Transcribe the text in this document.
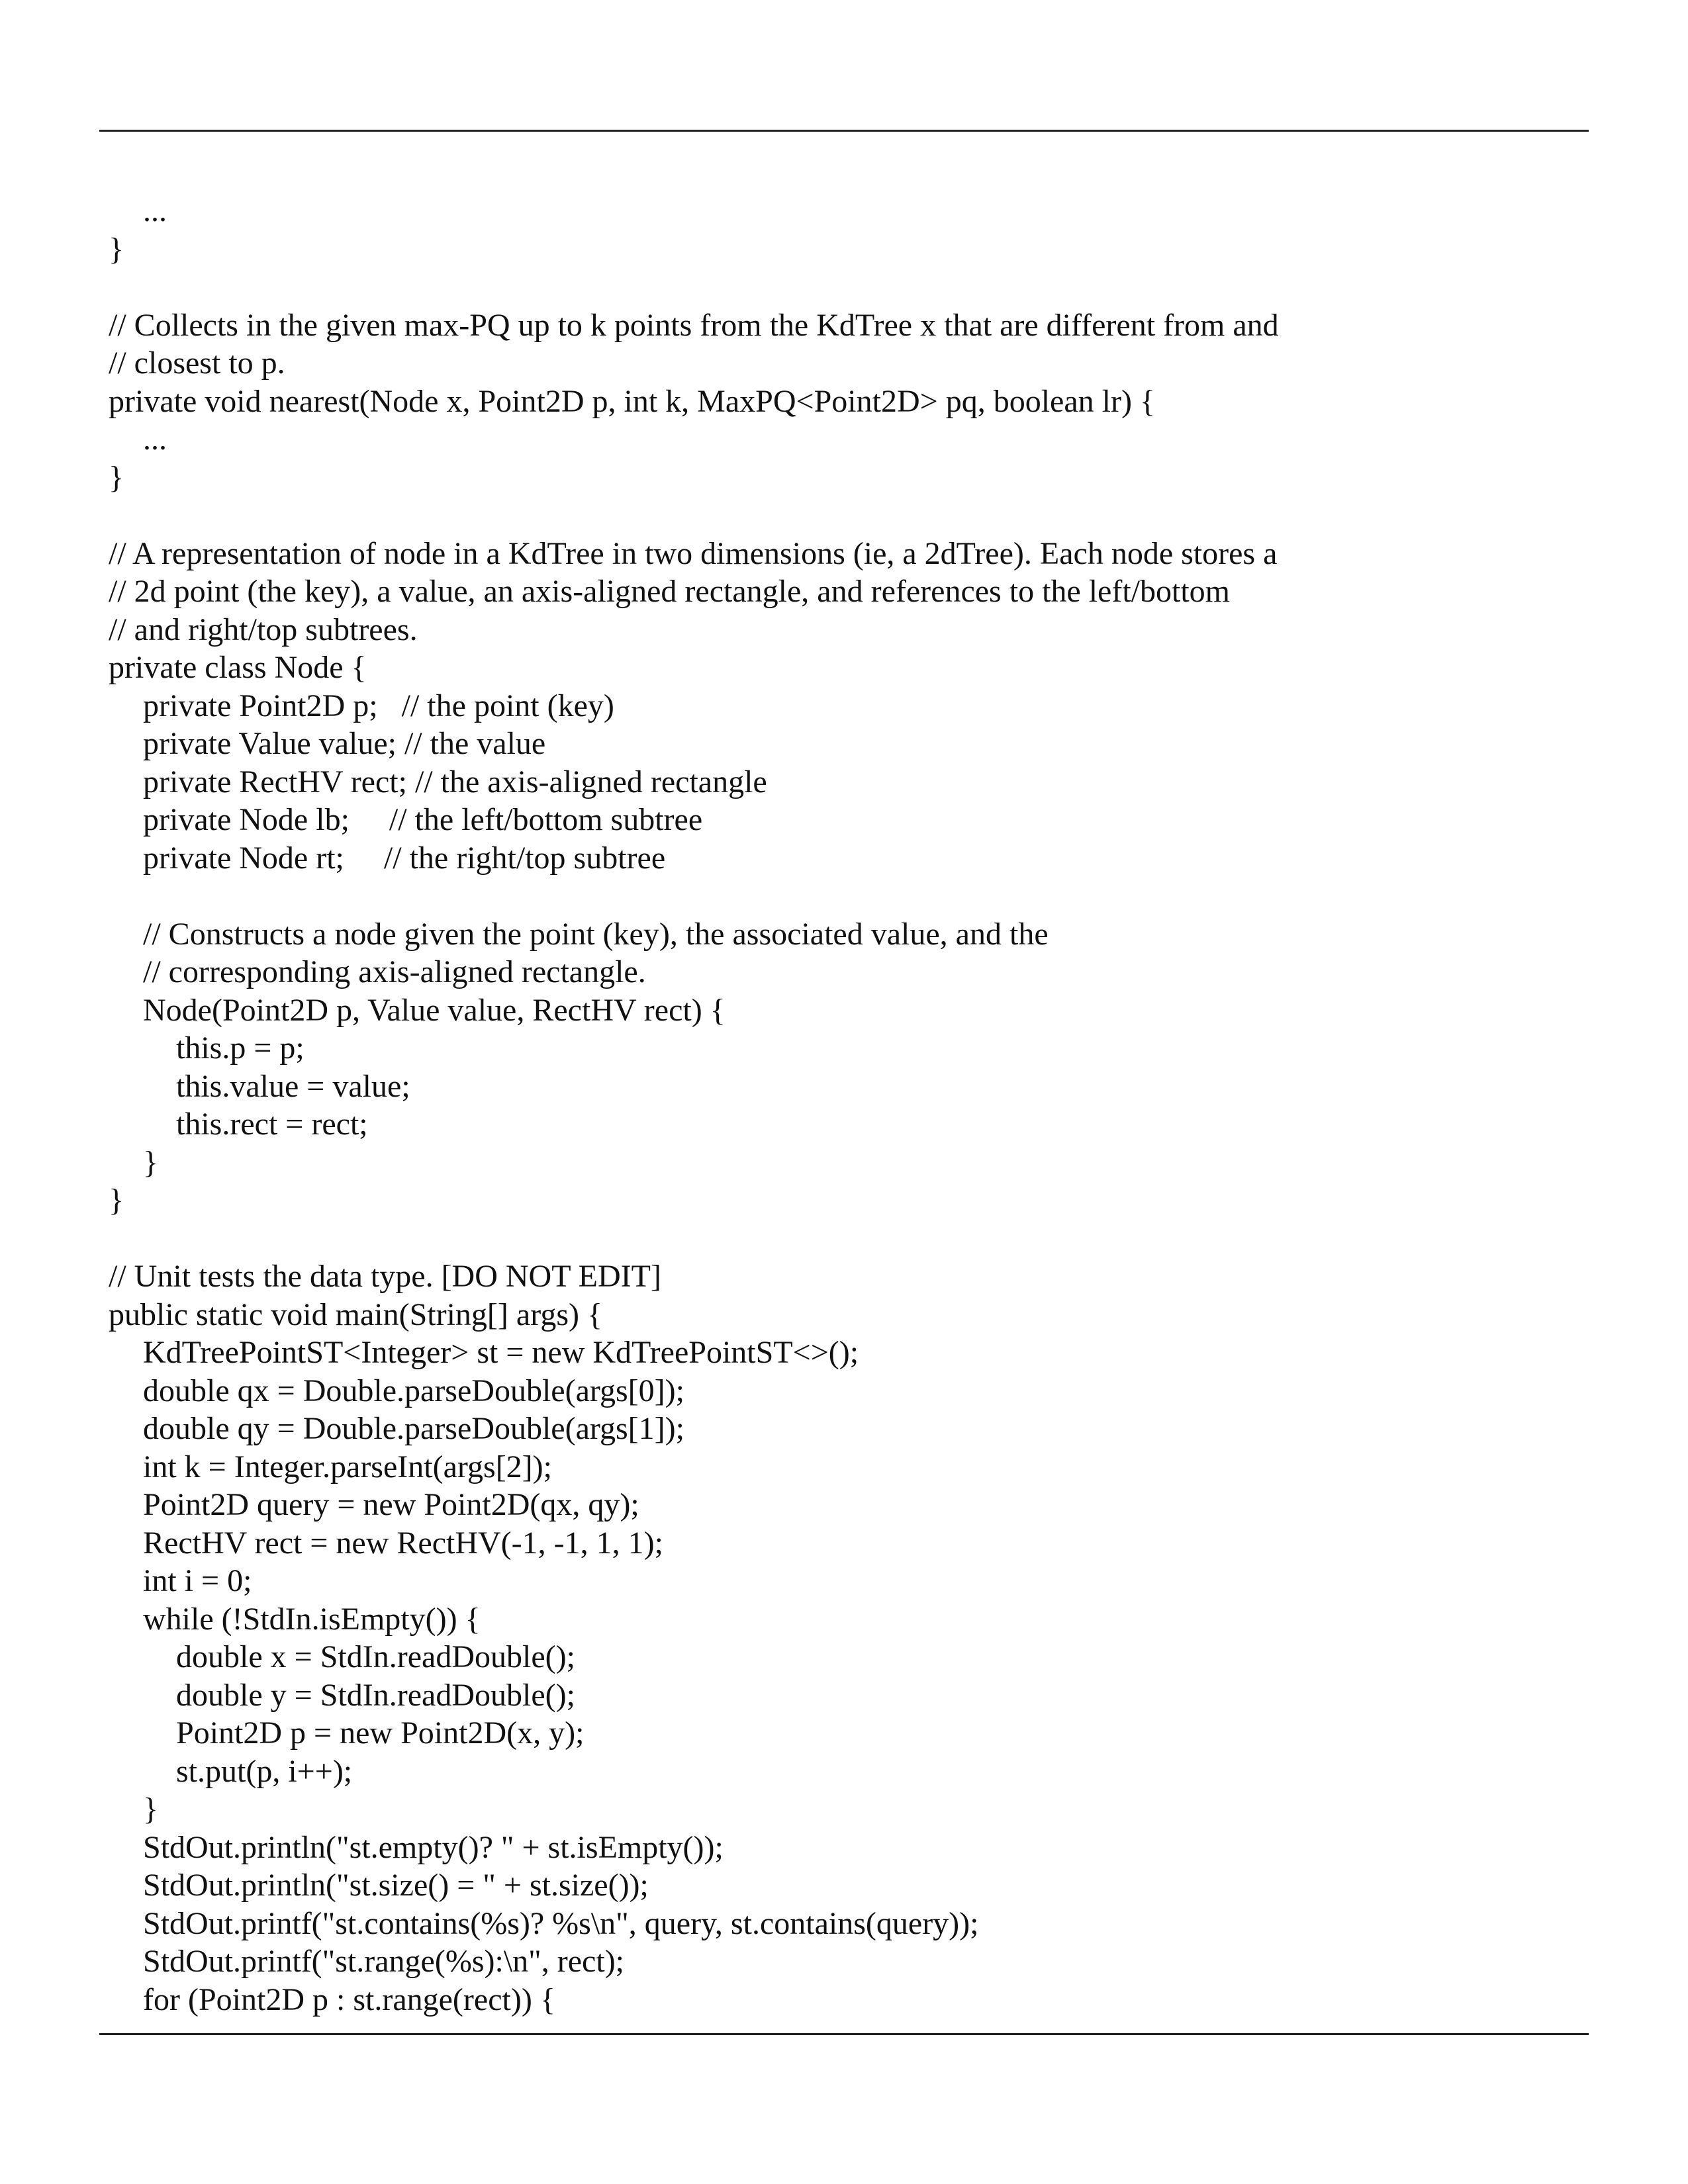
...
}
// Collects in the given max-PQ up to k points from the KdTree x that are different from and
// closest to p.
private void nearest(Node x, Point2D p, int k, MaxPQ<Point2D> pq, boolean lr) {
...
}
// A representation of node in a KdTree in two dimensions (ie, a 2dTree). Each node stores a
// 2d point (the key), a value, an axis-aligned rectangle, and references to the left/bottom
// and right/top subtrees.
private class Node {
private Point2D p;   // the point (key)
private Value value; // the value
private RectHV rect; // the axis-aligned rectangle
private Node lb;     // the left/bottom subtree
private Node rt;     // the right/top subtree
// Constructs a node given the point (key), the associated value, and the
// corresponding axis-aligned rectangle.
Node(Point2D p, Value value, RectHV rect) {
this.p = p;
this.value = value;
this.rect = rect;
}
}
// Unit tests the data type. [DO NOT EDIT]
public static void main(String[] args) {
KdTreePointST<Integer> st = new KdTreePointST<>();
double qx = Double.parseDouble(args[0]);
double qy = Double.parseDouble(args[1]);
int k = Integer.parseInt(args[2]);
Point2D query = new Point2D(qx, qy);
RectHV rect = new RectHV(-1, -1, 1, 1);
int i = 0;
while (!StdIn.isEmpty()) {
double x = StdIn.readDouble();
double y = StdIn.readDouble();
Point2D p = new Point2D(x, y);
st.put(p, i++);
}
StdOut.println("st.empty()? " + st.isEmpty());
StdOut.println("st.size() = " + st.size());
StdOut.printf("st.contains(%s)? %s\n", query, st.contains(query));
StdOut.printf("st.range(%s):\n", rect);
for (Point2D p : st.range(rect)) {
